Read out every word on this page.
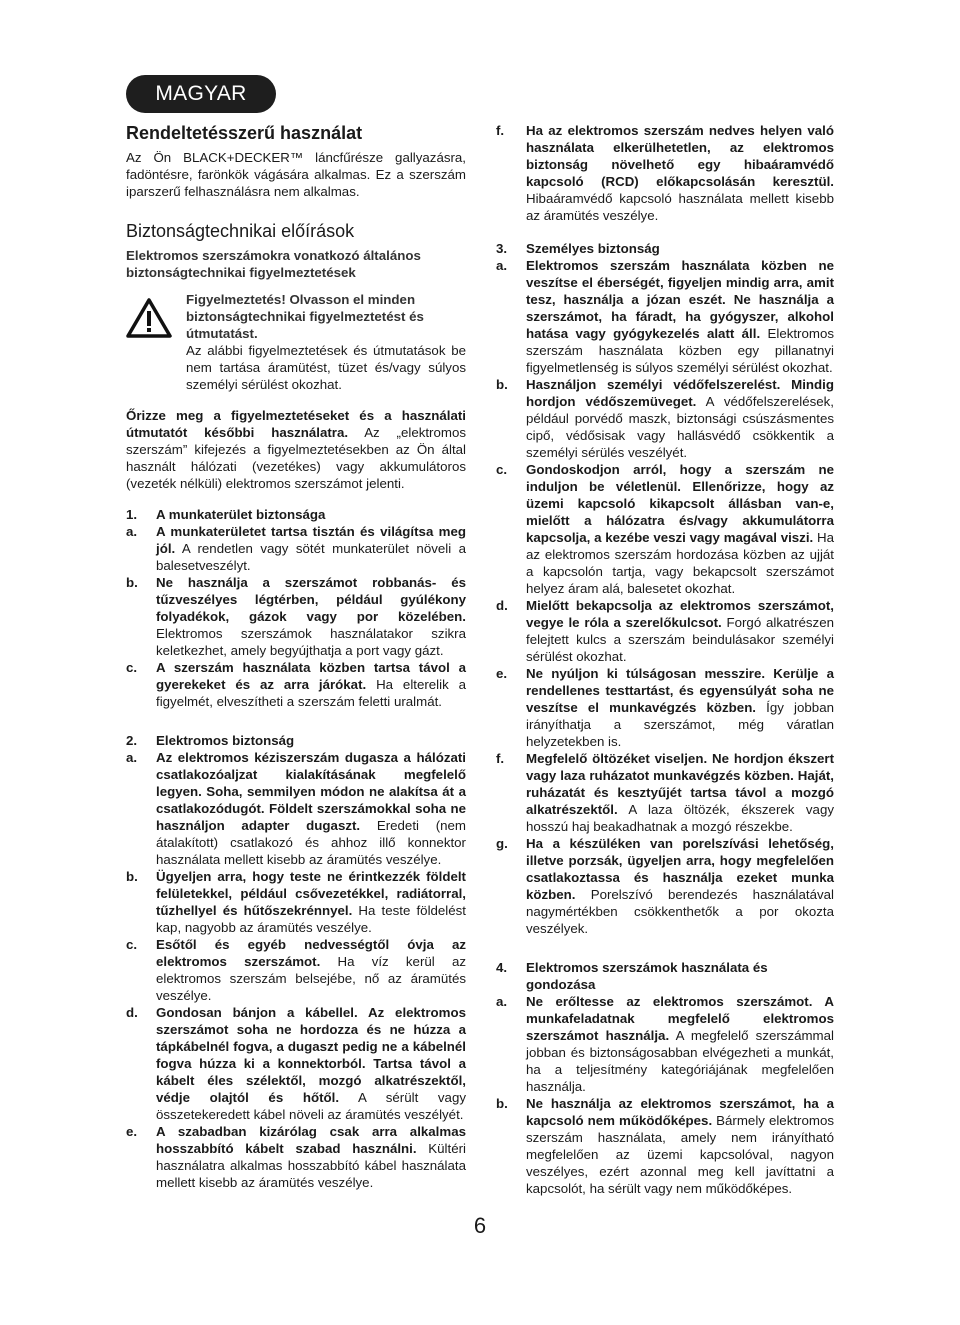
MAGYAR
Rendeltetésszerű használat

Az Ön BLACK+DECKER™ láncfűrésze gallyazásra, fadöntésre, farönkök vágására alkalmas. Ez a szerszám iparszerű felhasználásra nem alkalmas.

Biztonságtechnikai előírások

Elektromos szerszámokra vonatkozó általános biztonságtechnikai figyelmeztetések

Figyelmeztetés! Olvasson el minden biztonságtechnikai figyelmeztetést és útmutatást.

Az alábbi figyelmeztetések és útmutatások be nem tartása áramütést, tüzet és/vagy súlyos személyi sérülést okozhat.

Őrizze meg a figyelmeztetéseket és a használati útmutatót későbbi használatra. Az „elektromos szerszám” kifejezés a figyelmeztetésekben az Ön által használt hálózati (vezetékes) vagy akkumulátoros (vezeték nélküli) elektromos szerszámot jelenti.

1.	A munkaterület biztonsága
a.	A munkaterületet tartsa tisztán és világítsa meg jól. A rendetlen vagy sötét munkaterület növeli a balesetveszélyt.

b.	Ne használja a szerszámot robbanás- és tűzveszélyes légtérben, például gyúlékony folyadékok, gázok vagy por közelében. Elektromos szerszámok használatakor szikra keletkezhet, amely begyújthatja a port vagy gázt.

c.	A szerszám használata közben tartsa távol a gyerekeket és az arra járókat. Ha elterelik a figyelmét, elveszítheti a szerszám feletti uralmát.

2.	Elektromos biztonság
a.	Az elektromos kéziszerszám dugasza a hálózati csatlakozóaljzat kialakításának megfelelő legyen. Soha, semmilyen módon ne alakítsa át a csatlakozódugót. Földelt szerszámokkal soha ne használjon adapter dugaszt. Eredeti (nem átalakított) csatlakozó és ahhoz illő konnektor használata mellett kisebb az áramütés veszélye.

b.	Ügyeljen arra, hogy teste ne érintkezzék földelt felületekkel, például csővezetékkel, radiátorral, tűzhellyel és hűtőszekrénnyel. Ha teste földelést kap, nagyobb az áramütés veszélye.

c.	Esőtől és egyéb nedvességtől óvja az elektromos szerszámot. Ha víz kerül az elektromos szerszám belsejébe, nő az áramütés veszélye.

d.	Gondosan bánjon a kábellel. Az elektromos szerszámot soha ne hordozza és ne húzza a tápkábelnél fogva, a dugaszt pedig ne a kábelnél fogva húzza ki a konnektorból. Tartsa távol a kábelt éles szélektől, mozgó alkatrészektől, védje olajtól és hőtől. A sérült vagy összetekeredett kábel növeli az áramütés veszélyét.

e.	A szabadban kizárólag csak arra alkalmas hosszabbító kábelt szabad használni. Kültéri használatra alkalmas hosszabbító kábel használata mellett kisebb az áramütés veszélye.

f.	Ha az elektromos szerszám nedves helyen való használata elkerülhetetlen, az elektromos biztonság növelhető egy hibaáramvédő kapcsoló (RCD) előkapcsolásán keresztül. Hibaáramvédő kapcsoló használata mellett kisebb az áramütés veszélye.

3.	Személyes biztonság
a.	Elektromos szerszám használata közben ne veszítse el éberségét, figyeljen mindig arra, amit tesz, használja a józan eszét. Ne használja a szerszámot, ha fáradt, ha gyógyszer, alkohol hatása vagy gyógykezelés alatt áll. Elektromos szerszám használata közben egy pillanatnyi figyelmetlenség is súlyos személyi sérülést okozhat.

b.	Használjon személyi védőfelszerelést. Mindig hordjon védőszemüveget. A védőfelszerelések, például porvédő maszk, biztonsági csúszásmentes cipő, védősisak vagy hallásvédő csökkentik a személyi sérülés veszélyét.

c.	Gondoskodjon arról, hogy a szerszám ne induljon be véletlenül. Ellenőrizze, hogy az üzemi kapcsoló kikapcsolt állásban van-e, mielőtt a hálózatra és/vagy akkumulátorra kapcsolja, a kezébe veszi vagy magával viszi. Ha az elektromos szerszám hordozása közben az ujját a kapcsolón tartja, vagy bekapcsolt szerszámot helyez áram alá, balesetet okozhat.

d.	Mielőtt bekapcsolja az elektromos szerszámot, vegye le róla a szerelőkulcsot. Forgó alkatrészen felejtett kulcs a szerszám beindulásakor személyi sérülést okozhat.

e.	Ne nyúljon ki túlságosan messzire. Kerülje a rendellenes testtartást, és egyensúlyát soha ne veszítse el munkavégzés közben. Így jobban irányíthatja a szerszámot, még váratlan helyzetekben is.

f.	Megfelelő öltözéket viseljen. Ne hordjon ékszert vagy laza ruházatot munkavégzés közben. Haját, ruházatát és kesztyűjét tartsa távol a mozgó alkatrészektől. A laza öltözék, ékszerek vagy hosszú haj beakadhatnak a mozgó részekbe.

g.	Ha a készüléken van porelszívási lehetőség, illetve porzsák, ügyeljen arra, hogy megfelelően csatlakoztassa és használja ezeket munka közben. Porelszívó berendezés használatával nagymértékben csökkenthetők a por okozta veszélyek.

4.	Elektromos szerszámok használata és gondozása
a.	Ne erőltesse az elektromos szerszámot. A munkafeladatnak megfelelő elektromos szerszámot használja. A megfelelő szerszámmal jobban és biztonságosabban elvégezheti a munkát, ha a teljesítmény kategóriájának megfelelően használja.

b.	Ne használja az elektromos szerszámot, ha a kapcsoló nem működőképes. Bármely elektromos szerszám használata, amely nem irányítható megfelelően az üzemi kapcsolóval, nagyon veszélyes, ezért azonnal meg kell javíttatni a kapcsolót, ha sérült vagy nem működőképes.

6
